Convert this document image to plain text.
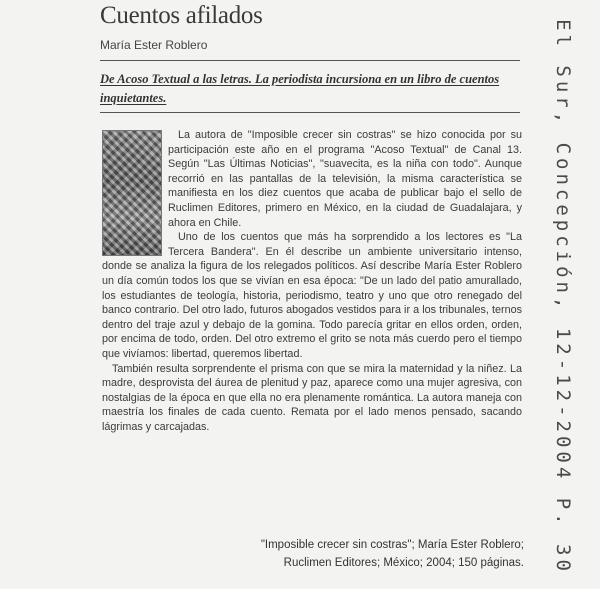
Cuentos afilados
María Ester Roblero
De Acoso Textual a las letras. La periodista incursiona en un libro de cuentos inquietantes.

La autora de "Imposible crecer sin costras" se hizo conocida por su participación este año en el programa "Acoso Textual" de Canal 13. Según "Las Últimas Noticias", "suavecita, es la niña con todo". Aunque recorrió en las pantallas de la televisión, la misma característica se manifiesta en los diez cuentos que acaba de publicar bajo el sello de Ruclimen Editores, primero en México, en la ciudad de Guadalajara, y ahora en Chile.

Uno de los cuentos que más ha sorprendido a los lectores es "La Tercera Bandera". En él describe un ambiente universitario intenso, donde se analiza la figura de los relegados políticos. Así describe María Ester Roblero un día común todos los que se vivían en esa época: "De un lado del patio amurallado, los estudiantes de teología, historia, periodismo, teatro y uno que otro renegado del banco contrario. Del otro lado, futuros abogados vestidos para ir a los tribunales, ternos dentro del traje azul y debajo de la gomina. Todo parecía gritar en ellos orden, orden, por encima de todo, orden. Del otro extremo el grito se nota más cuerdo pero el tiempo que vivíamos: libertad, queremos libertad.

También resulta sorprendente el prisma con que se mira la maternidad y la niñez. La madre, desprovista del áurea de plenitud y paz, aparece como una mujer agresiva, con nostalgias de la época en que ella no era plenamente romántica. La autora maneja con maestría los finales de cada cuento. Remata por el lado menos pensado, sacando lágrimas y carcajadas.

"Imposible crecer sin costras"; María Ester Roblero;
Ruclimen Editores; México; 2004; 150 páginas.	El Sur, Concepción, 12-12-2004 P. 30
